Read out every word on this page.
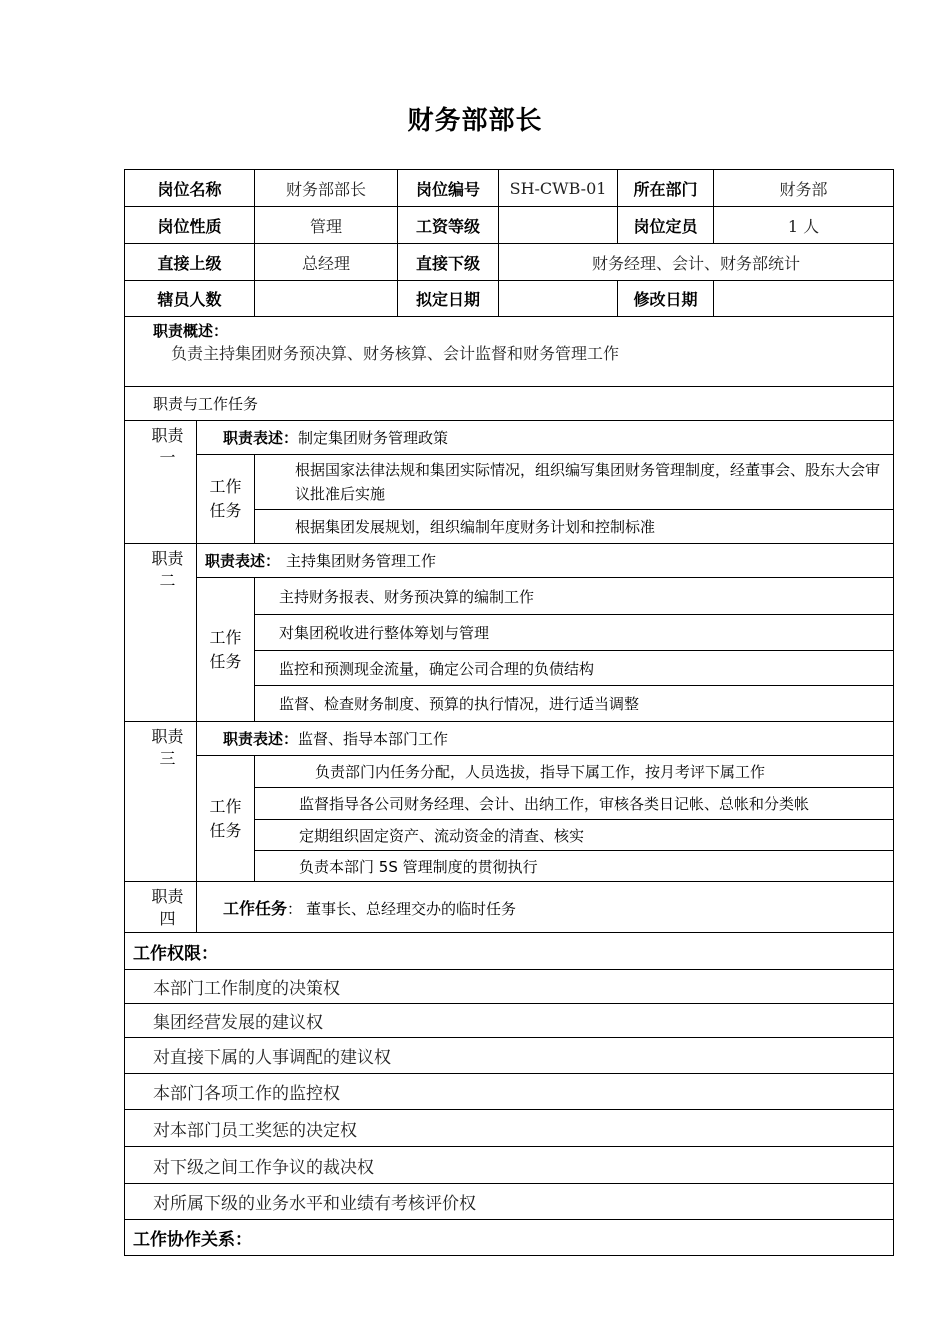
财务部部长
岗位名称		财务部部长	岗位编号	SH-CWB-01	所在部门	财务部
岗位性质		管理	工资等级		岗位定员	1 人
直接上级		总经理	直接下级	财务经理、会计、财务部统计		
辖员人数			拟定日期		修改日期	

职责概述：
负责主持集团财务预决算、财务核算、会计监督和财务管理工作						

职责与工作任务						
职责一	职责表述：制定集团财务管理政策					
	工作任务	根据国家法律法规和集团实际情况，组织编写集团财务管理制度，经董事会、股东大会审议批准后实施				
		根据集团发展规划，组织编制年度财务计划和控制标准				
职责二	职责表述： 主持集团财务管理工作					
	工作任务	主持财务报表、财务预决算的编制工作				
		对集团税收进行整体筹划与管理				
		监控和预测现金流量，确定公司合理的负债结构				
		监督、检查财务制度、预算的执行情况，进行适当调整				
职责三	职责表述：监督、指导本部门工作					
	工作任务	负责部门内任务分配，人员选拔，指导下属工作，按月考评下属工作				
		监督指导各公司财务经理、会计、出纳工作，审核各类日记帐、总帐和分类帐				
		定期组织固定资产、流动资金的清查、核实				
		负责本部门 5S 管理制度的贯彻执行				
职责四	工作任务： 董事长、总经理交办的临时任务					
工作权限：						
本部门工作制度的决策权						
集团经营发展的建议权						
对直接下属的人事调配的建议权						
本部门各项工作的监控权						
对本部门员工奖惩的决定权						
对下级之间工作争议的裁决权						
对所属下级的业务水平和业绩有考核评价权						
工作协作关系：						
